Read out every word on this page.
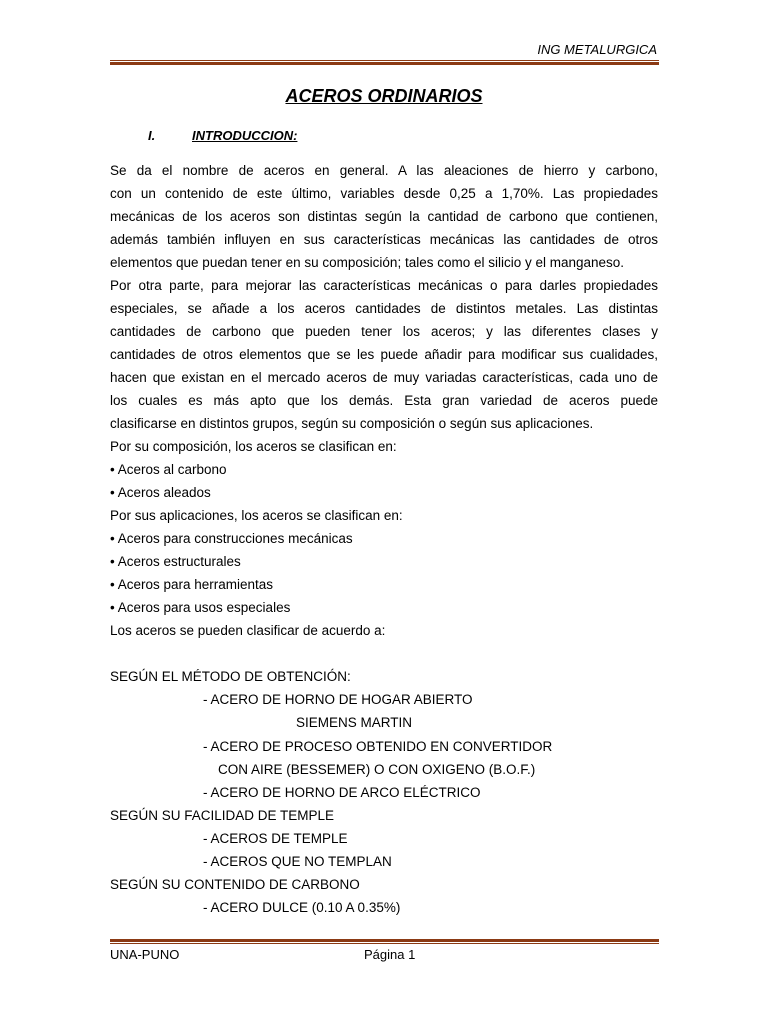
ING METALURGICA
ACEROS ORDINARIOS
I.	INTRODUCCION:
Se da el nombre de aceros en general. A las aleaciones de hierro y carbono,
con un contenido de este último, variables desde 0,25 a 1,70%. Las propiedades
mecánicas de los aceros son distintas según la cantidad de carbono que contienen,
además también influyen en sus características mecánicas las cantidades de otros
elementos que puedan tener en su composición; tales como el silicio y el manganeso.
Por otra parte, para mejorar las características mecánicas o para darles propiedades
especiales, se añade a los aceros cantidades de distintos metales. Las distintas
cantidades de carbono que pueden tener los aceros; y las diferentes clases y
cantidades de otros elementos que se les puede añadir para modificar sus cualidades,
hacen que existan en el mercado aceros de muy variadas características, cada uno de
los cuales es más apto que los demás. Esta gran variedad de aceros puede
clasificarse en distintos grupos, según su composición o según sus aplicaciones.
Por su composición, los aceros se clasifican en:
• Aceros al carbono
• Aceros aleados
Por sus aplicaciones, los aceros se clasifican en:
• Aceros para construcciones mecánicas
• Aceros estructurales
• Aceros para herramientas
• Aceros para usos especiales
Los aceros se pueden clasificar de acuerdo a:
SEGÚN EL MÉTODO DE OBTENCIÓN:
- ACERO DE HORNO DE HOGAR ABIERTO
SIEMENS MARTIN
- ACERO DE PROCESO OBTENIDO EN CONVERTIDOR
CON AIRE (BESSEMER) O CON OXIGENO (B.O.F.)
- ACERO DE HORNO DE ARCO ELÉCTRICO
SEGÚN SU FACILIDAD DE TEMPLE
- ACEROS DE TEMPLE
- ACEROS QUE NO TEMPLAN
SEGÚN SU CONTENIDO DE CARBONO
- ACERO DULCE (0.10 A 0.35%)
UNA-PUNO	Página 1
